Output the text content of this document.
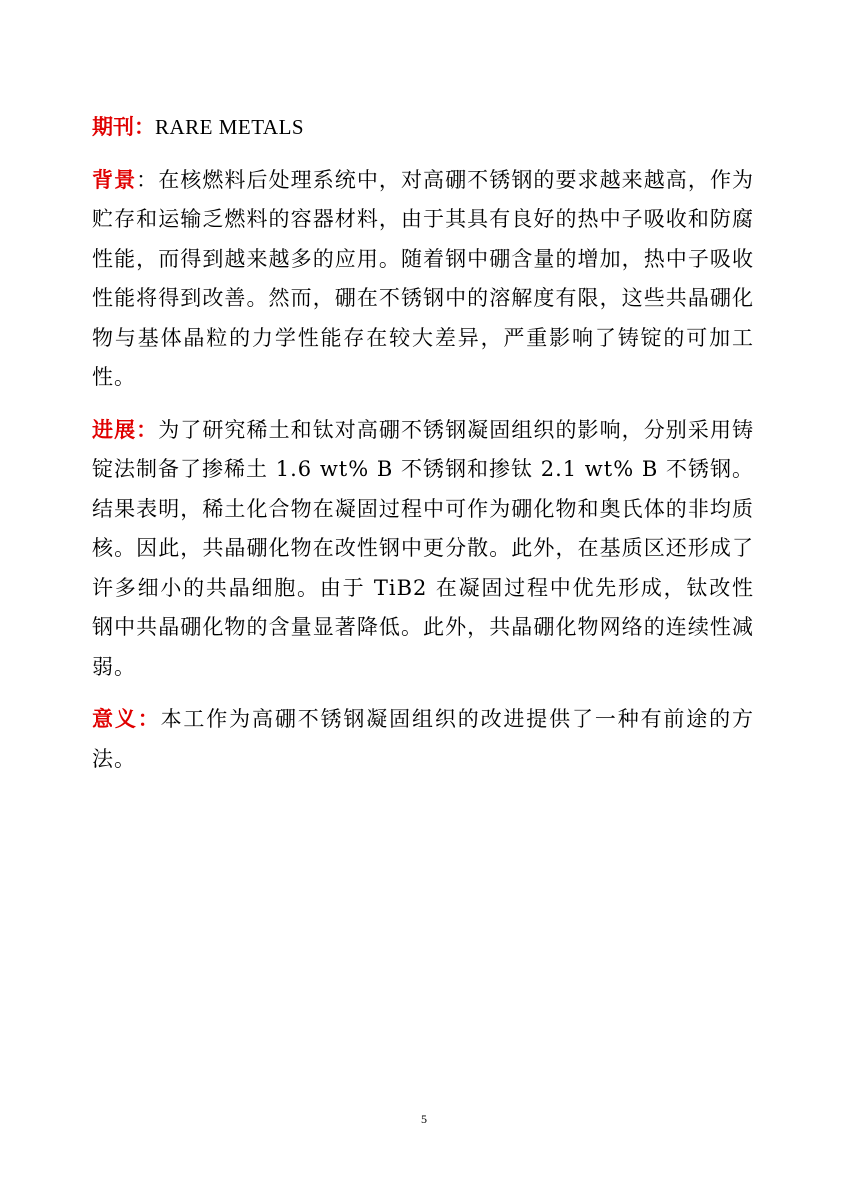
期刊：RARE METALS

背景：在核燃料后处理系统中，对高硼不锈钢的要求越来越高，作为贮存和运输乏燃料的容器材料，由于其具有良好的热中子吸收和防腐性能，而得到越来越多的应用。随着钢中硼含量的增加，热中子吸收性能将得到改善。然而，硼在不锈钢中的溶解度有限，这些共晶硼化物与基体晶粒的力学性能存在较大差异，严重影响了铸锭的可加工性。

进展：为了研究稀土和钛对高硼不锈钢凝固组织的影响，分别采用铸锭法制备了掺稀土 1.6 wt% B 不锈钢和掺钛 2.1 wt% B 不锈钢。结果表明，稀土化合物在凝固过程中可作为硼化物和奥氏体的非均质核。因此，共晶硼化物在改性钢中更分散。此外，在基质区还形成了许多细小的共晶细胞。由于 TiB2 在凝固过程中优先形成，钛改性钢中共晶硼化物的含量显著降低。此外，共晶硼化物网络的连续性减弱。

意义：本工作为高硼不锈钢凝固组织的改进提供了一种有前途的方法。

5
